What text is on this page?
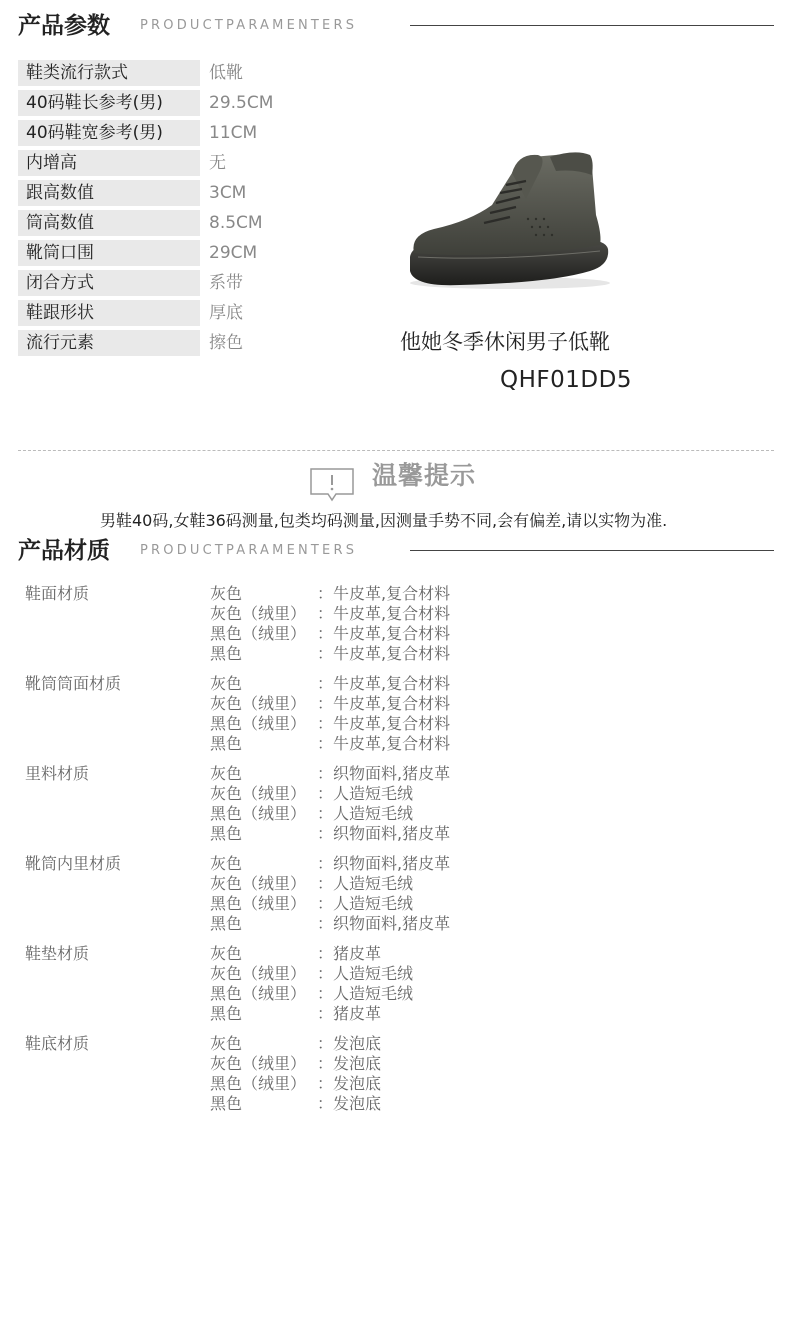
产品参数 PRODUCTPARAMENTERS
鞋类流行款式	低靴
40码鞋长参考(男)	29.5CM
40码鞋宽参考(男)	11CM
内增高	无
跟高数值	3CM
筒高数值	8.5CM
靴筒口围	29CM
闭合方式	系带
鞋跟形状	厚底
流行元素	擦色	他她冬季休闲男子低靴
QHF01DD5
温馨提示
男鞋40码,女鞋36码测量,包类均码测量,因测量手势不同,会有偏差,请以实物为准.
产品材质 PRODUCTPARAMENTERS
鞋面材质	灰色	：牛皮革,复合材料
灰色（绒里） ：牛皮革,复合材料
黑色（绒里） ：牛皮革,复合材料
黑色	：牛皮革,复合材料
靴筒筒面材质	灰色	：牛皮革,复合材料
灰色（绒里） ：牛皮革,复合材料
黑色（绒里） ：牛皮革,复合材料
黑色	：牛皮革,复合材料
里料材质	灰色	：织物面料,猪皮革
灰色（绒里） ：人造短毛绒
黑色（绒里） ：人造短毛绒
黑色	：织物面料,猪皮革
靴筒内里材质	灰色	：织物面料,猪皮革
灰色（绒里） ：人造短毛绒
黑色（绒里） ：人造短毛绒
黑色	：织物面料,猪皮革
鞋垫材质	灰色	：猪皮革
灰色（绒里） ：人造短毛绒
黑色（绒里） ：人造短毛绒
黑色	：猪皮革
鞋底材质	灰色	：发泡底
灰色（绒里） ：发泡底
黑色（绒里） ：发泡底
黑色	：发泡底
